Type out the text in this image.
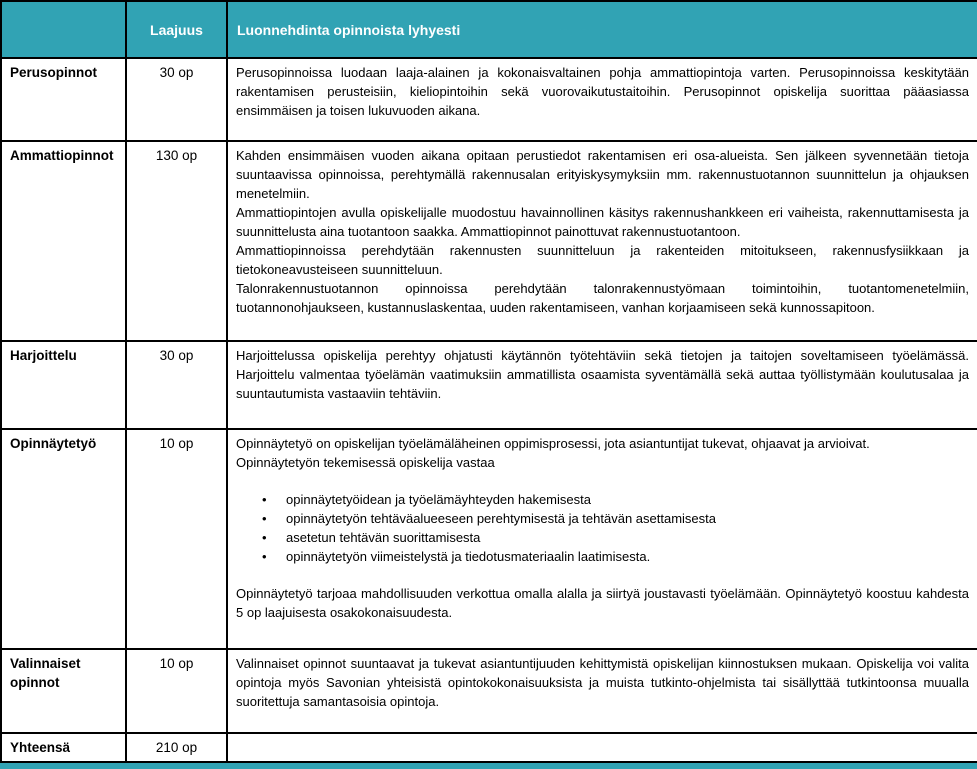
	Laajuus	Luonnehdinta opinnoista lyhyesti
Perusopinnot	30 op	Perusopinnoissa luodaan laaja-alainen ja kokonaisvaltainen pohja ammattiopintoja varten. Perusopinnoissa keskitytään rakentamisen perusteisiin, kieliopintoihin sekä vuorovaikutustaitoihin. Perusopinnot opiskelija suorittaa pääasiassa ensimmäisen ja toisen lukuvuoden aikana.

Ammattiopinnot	130 op	Kahden ensimmäisen vuoden aikana opitaan perustiedot rakentamisen eri osa-alueista. Sen jälkeen syvennetään tietoja suuntaavissa opinnoissa, perehtymällä rakennusalan erityiskysymyksiin mm. rakennustuotannon suunnittelun ja ohjauksen menetelmiin.
Ammattiopintojen avulla opiskelijalle muodostuu havainnollinen käsitys rakennushankkeen eri vaiheista, rakennuttamisesta ja suunnittelusta aina tuotantoon saakka. Ammattiopinnot painottuvat rakennustuotantoon.
Ammattiopinnoissa perehdytään rakennusten suunnitteluun ja rakenteiden mitoitukseen, rakennusfysiikkaan ja tietokoneavusteiseen suunnitteluun.
Talonrakennustuotannon opinnoissa perehdytään talonrakennustyömaan toimintoihin, tuotantomenetelmiin, tuotannonohjaukseen, kustannuslaskentaa, uuden rakentamiseen, vanhan korjaamiseen sekä kunnossapitoon.

Harjoittelu	30 op	Harjoittelussa opiskelija perehtyy ohjatusti käytännön työtehtäviin sekä tietojen ja taitojen soveltamiseen työelämässä. Harjoittelu valmentaa työelämän vaatimuksiin ammatillista osaamista syventämällä sekä auttaa työllistymään koulutusalaa ja suuntautumista vastaaviin tehtäviin.

Opinnäytetyö	10 op	Opinnäytetyö on opiskelijan työelämäläheinen oppimisprosessi, jota asiantuntijat tukevat, ohjaavat ja arvioivat.
Opinnäytetyön tekemisessä opiskelija vastaa
• opinnäytetyöidean ja työelämäyhteyden hakemisesta
• opinnäytetyön tehtäväalueeseen perehtymisestä ja tehtävän asettamisesta
• asetetun tehtävän suorittamisesta
• opinnäytetyön viimeistelystä ja tiedotusmateriaalin laatimisesta.
Opinnäytetyö tarjoaa mahdollisuuden verkottua omalla alalla ja siirtyä joustavasti työelämään. Opinnäytetyö koostuu kahdesta 5 op laajuisesta osakokonaisuudesta.

Valinnaiset opinnot	10 op	Valinnaiset opinnot suuntaavat ja tukevat asiantuntijuuden kehittymistä opiskelijan kiinnostuksen mukaan. Opiskelija voi valita opintoja myös Savonian yhteisistä opintokokonaisuuksista ja muista tutkinto-ohjelmista tai sisällyttää tutkintoonsa muualla suoritettuja samantasoisia opintoja.

Yhteensä	210 op	
